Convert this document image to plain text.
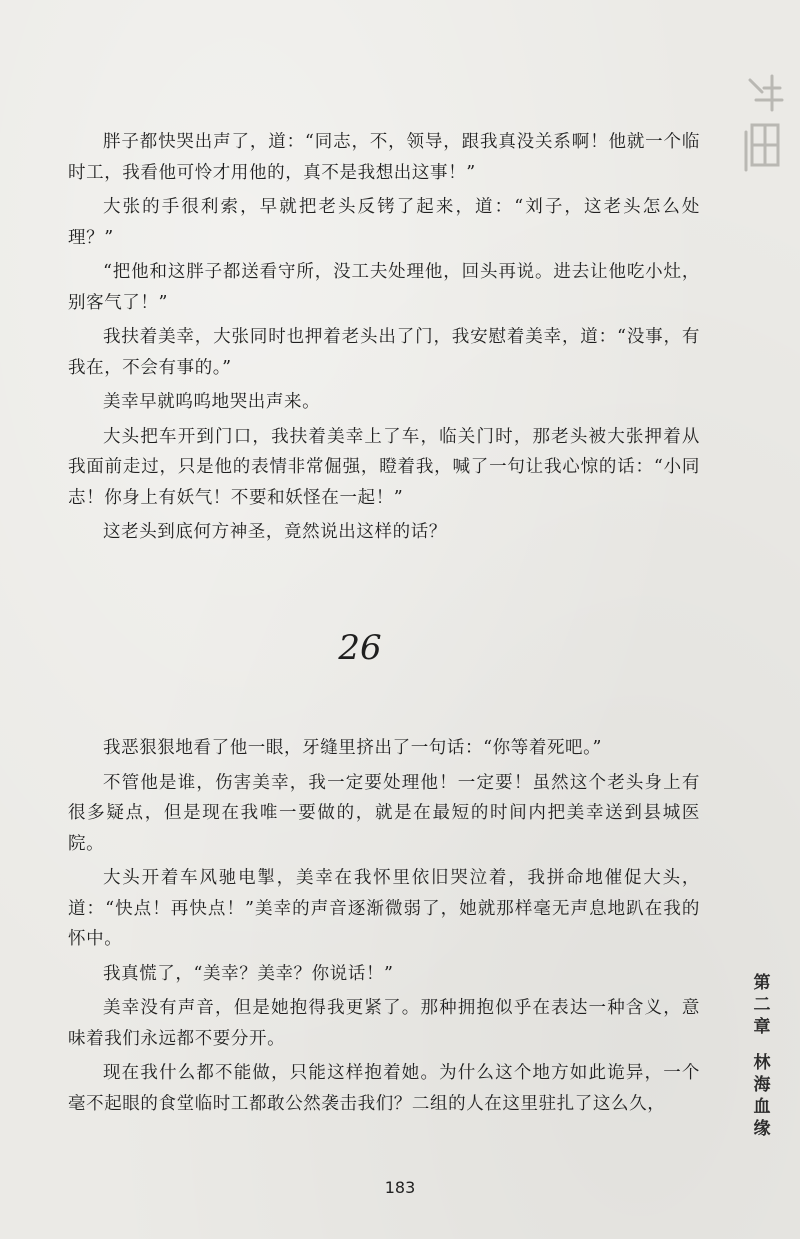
胖子都快哭出声了，道：“同志，不，领导，跟我真没关系啊！他就一个临时工，我看他可怜才用他的，真不是我想出这事！”

大张的手很利索，早就把老头反铐了起来，道：“刘子，这老头怎么处理？”

“把他和这胖子都送看守所，没工夫处理他，回头再说。进去让他吃小灶，别客气了！”

我扶着美幸，大张同时也押着老头出了门，我安慰着美幸，道：“没事，有我在，不会有事的。”

美幸早就呜呜地哭出声来。

大头把车开到门口，我扶着美幸上了车，临关门时，那老头被大张押着从我面前走过，只是他的表情非常倔强，瞪着我，喊了一句让我心惊的话：“小同志！你身上有妖气！不要和妖怪在一起！”

这老头到底何方神圣，竟然说出这样的话？

26

我恶狠狠地看了他一眼，牙缝里挤出了一句话：“你等着死吧。”

不管他是谁，伤害美幸，我一定要处理他！一定要！虽然这个老头身上有很多疑点，但是现在我唯一要做的，就是在最短的时间内把美幸送到县城医院。

大头开着车风驰电掣，美幸在我怀里依旧哭泣着，我拼命地催促大头，道：“快点！再快点！”美幸的声音逐渐微弱了，她就那样毫无声息地趴在我的怀中。

我真慌了，“美幸？美幸？你说话！”

美幸没有声音，但是她抱得我更紧了。那种拥抱似乎在表达一种含义，意味着我们永远都不要分开。

现在我什么都不能做，只能这样抱着她。为什么这个地方如此诡异，一个毫不起眼的食堂临时工都敢公然袭击我们？二组的人在这里驻扎了这么久，

第
二
章
林
海
血
缘
183
